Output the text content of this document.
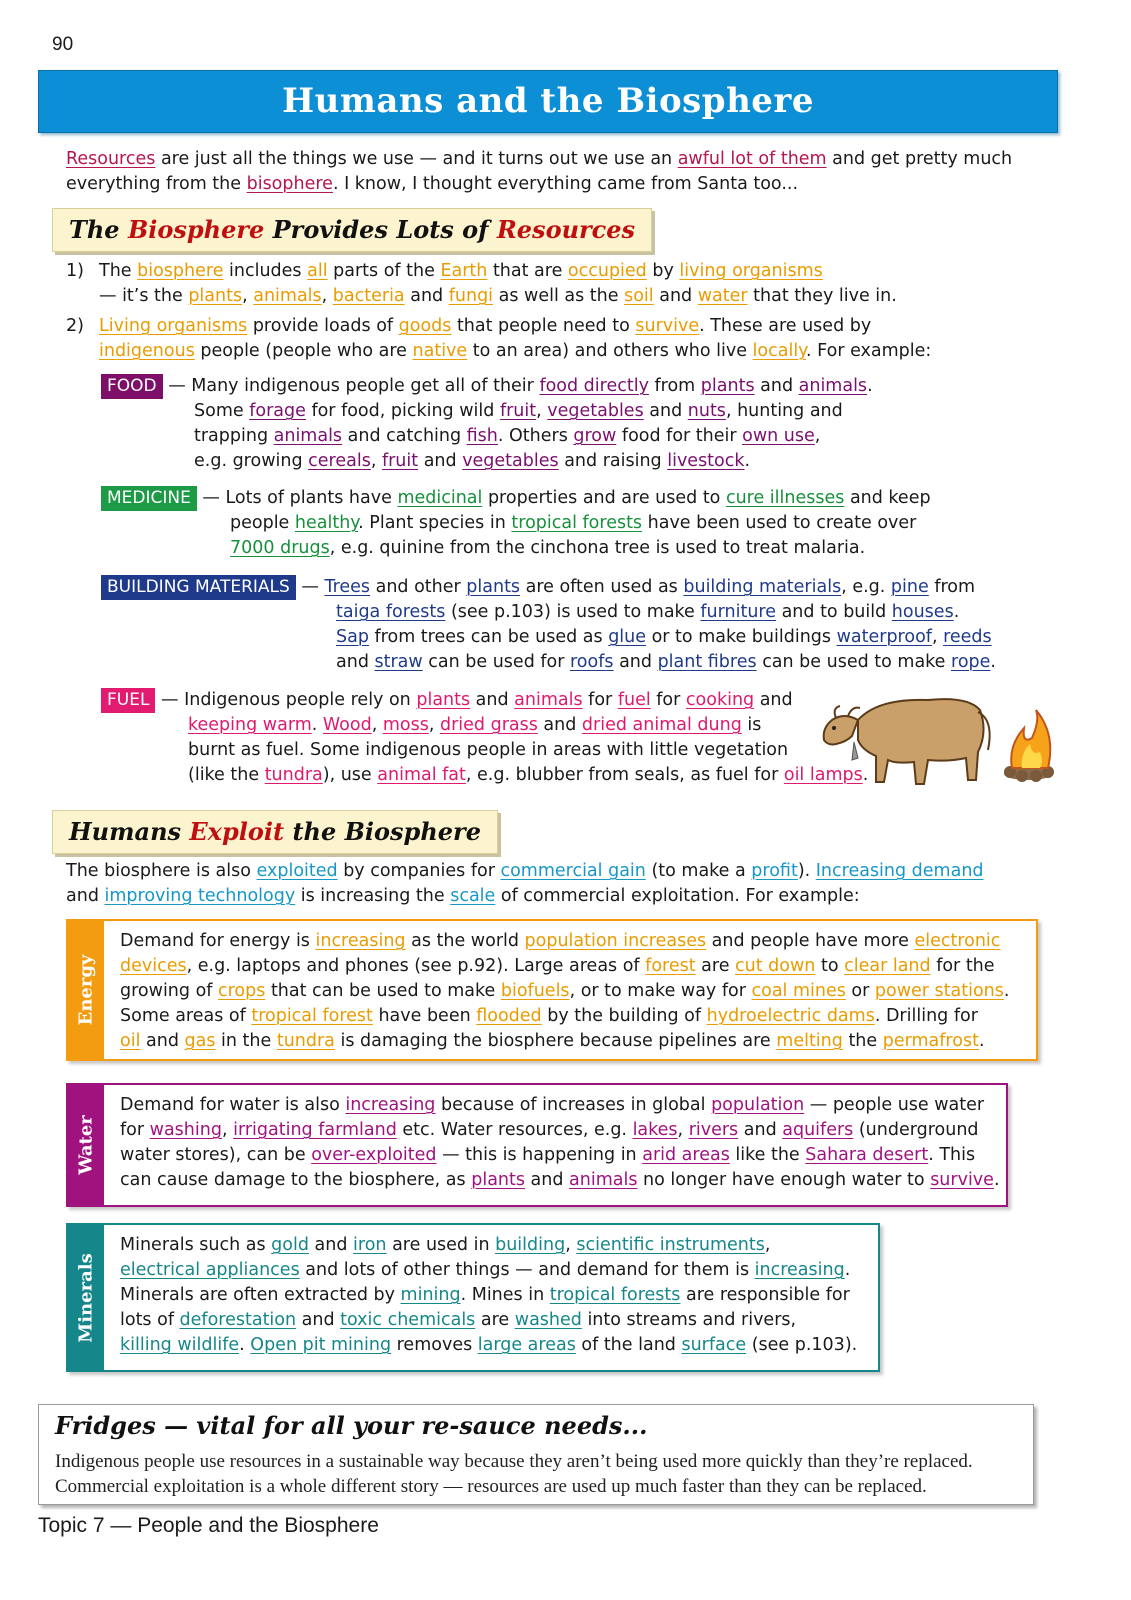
90
Humans and the Biosphere
Resources are just all the things we use — and it turns out we use an awful lot of them and get pretty much
everything from the bisophere. I know, I thought everything came from Santa too...
The Biosphere Provides Lots of Resources
1) The biosphere includes all parts of the Earth that are occupied by living organisms
— it’s the plants, animals, bacteria and fungi as well as the soil and water that they live in.
2) Living organisms provide loads of goods that people need to survive. These are used by
indigenous people (people who are native to an area) and others who live locally. For example:
FOOD — Many indigenous people get all of their food directly from plants and animals.
Some forage for food, picking wild fruit, vegetables and nuts, hunting and
trapping animals and catching fish. Others grow food for their own use,
e.g. growing cereals, fruit and vegetables and raising livestock.
MEDICINE — Lots of plants have medicinal properties and are used to cure illnesses and keep
people healthy. Plant species in tropical forests have been used to create over
7000 drugs, e.g. quinine from the cinchona tree is used to treat malaria.
BUILDING MATERIALS — Trees and other plants are often used as building materials, e.g. pine from
taiga forests (see p.103) is used to make furniture and to build houses.
Sap from trees can be used as glue or to make buildings waterproof, reeds
and straw can be used for roofs and plant fibres can be used to make rope.
FUEL — Indigenous people rely on plants and animals for fuel for cooking and
keeping warm. Wood, moss, dried grass and dried animal dung is
burnt as fuel. Some indigenous people in areas with little vegetation
(like the tundra), use animal fat, e.g. blubber from seals, as fuel for oil lamps.
Humans Exploit the Biosphere
The biosphere is also exploited by companies for commercial gain (to make a profit). Increasing demand
and improving technology is increasing the scale of commercial exploitation. For example:
Energy
Demand for energy is increasing as the world population increases and people have more electronic
devices, e.g. laptops and phones (see p.92). Large areas of forest are cut down to clear land for the
growing of crops that can be used to make biofuels, or to make way for coal mines or power stations.
Some areas of tropical forest have been flooded by the building of hydroelectric dams. Drilling for
oil and gas in the tundra is damaging the biosphere because pipelines are melting the permafrost.
Water
Demand for water is also increasing because of increases in global population — people use water
for washing, irrigating farmland etc. Water resources, e.g. lakes, rivers and aquifers (underground
water stores), can be over-exploited — this is happening in arid areas like the Sahara desert. This
can cause damage to the biosphere, as plants and animals no longer have enough water to survive.
Minerals
Minerals such as gold and iron are used in building, scientific instruments,
electrical appliances and lots of other things — and demand for them is increasing.
Minerals are often extracted by mining. Mines in tropical forests are responsible for
lots of deforestation and toxic chemicals are washed into streams and rivers,
killing wildlife. Open pit mining removes large areas of the land surface (see p.103).
Fridges — vital for all your re-sauce needs...
Indigenous people use resources in a sustainable way because they aren’t being used more quickly than they’re replaced.
Commercial exploitation is a whole different story — resources are used up much faster than they can be replaced.
Topic 7 — People and the Biosphere
